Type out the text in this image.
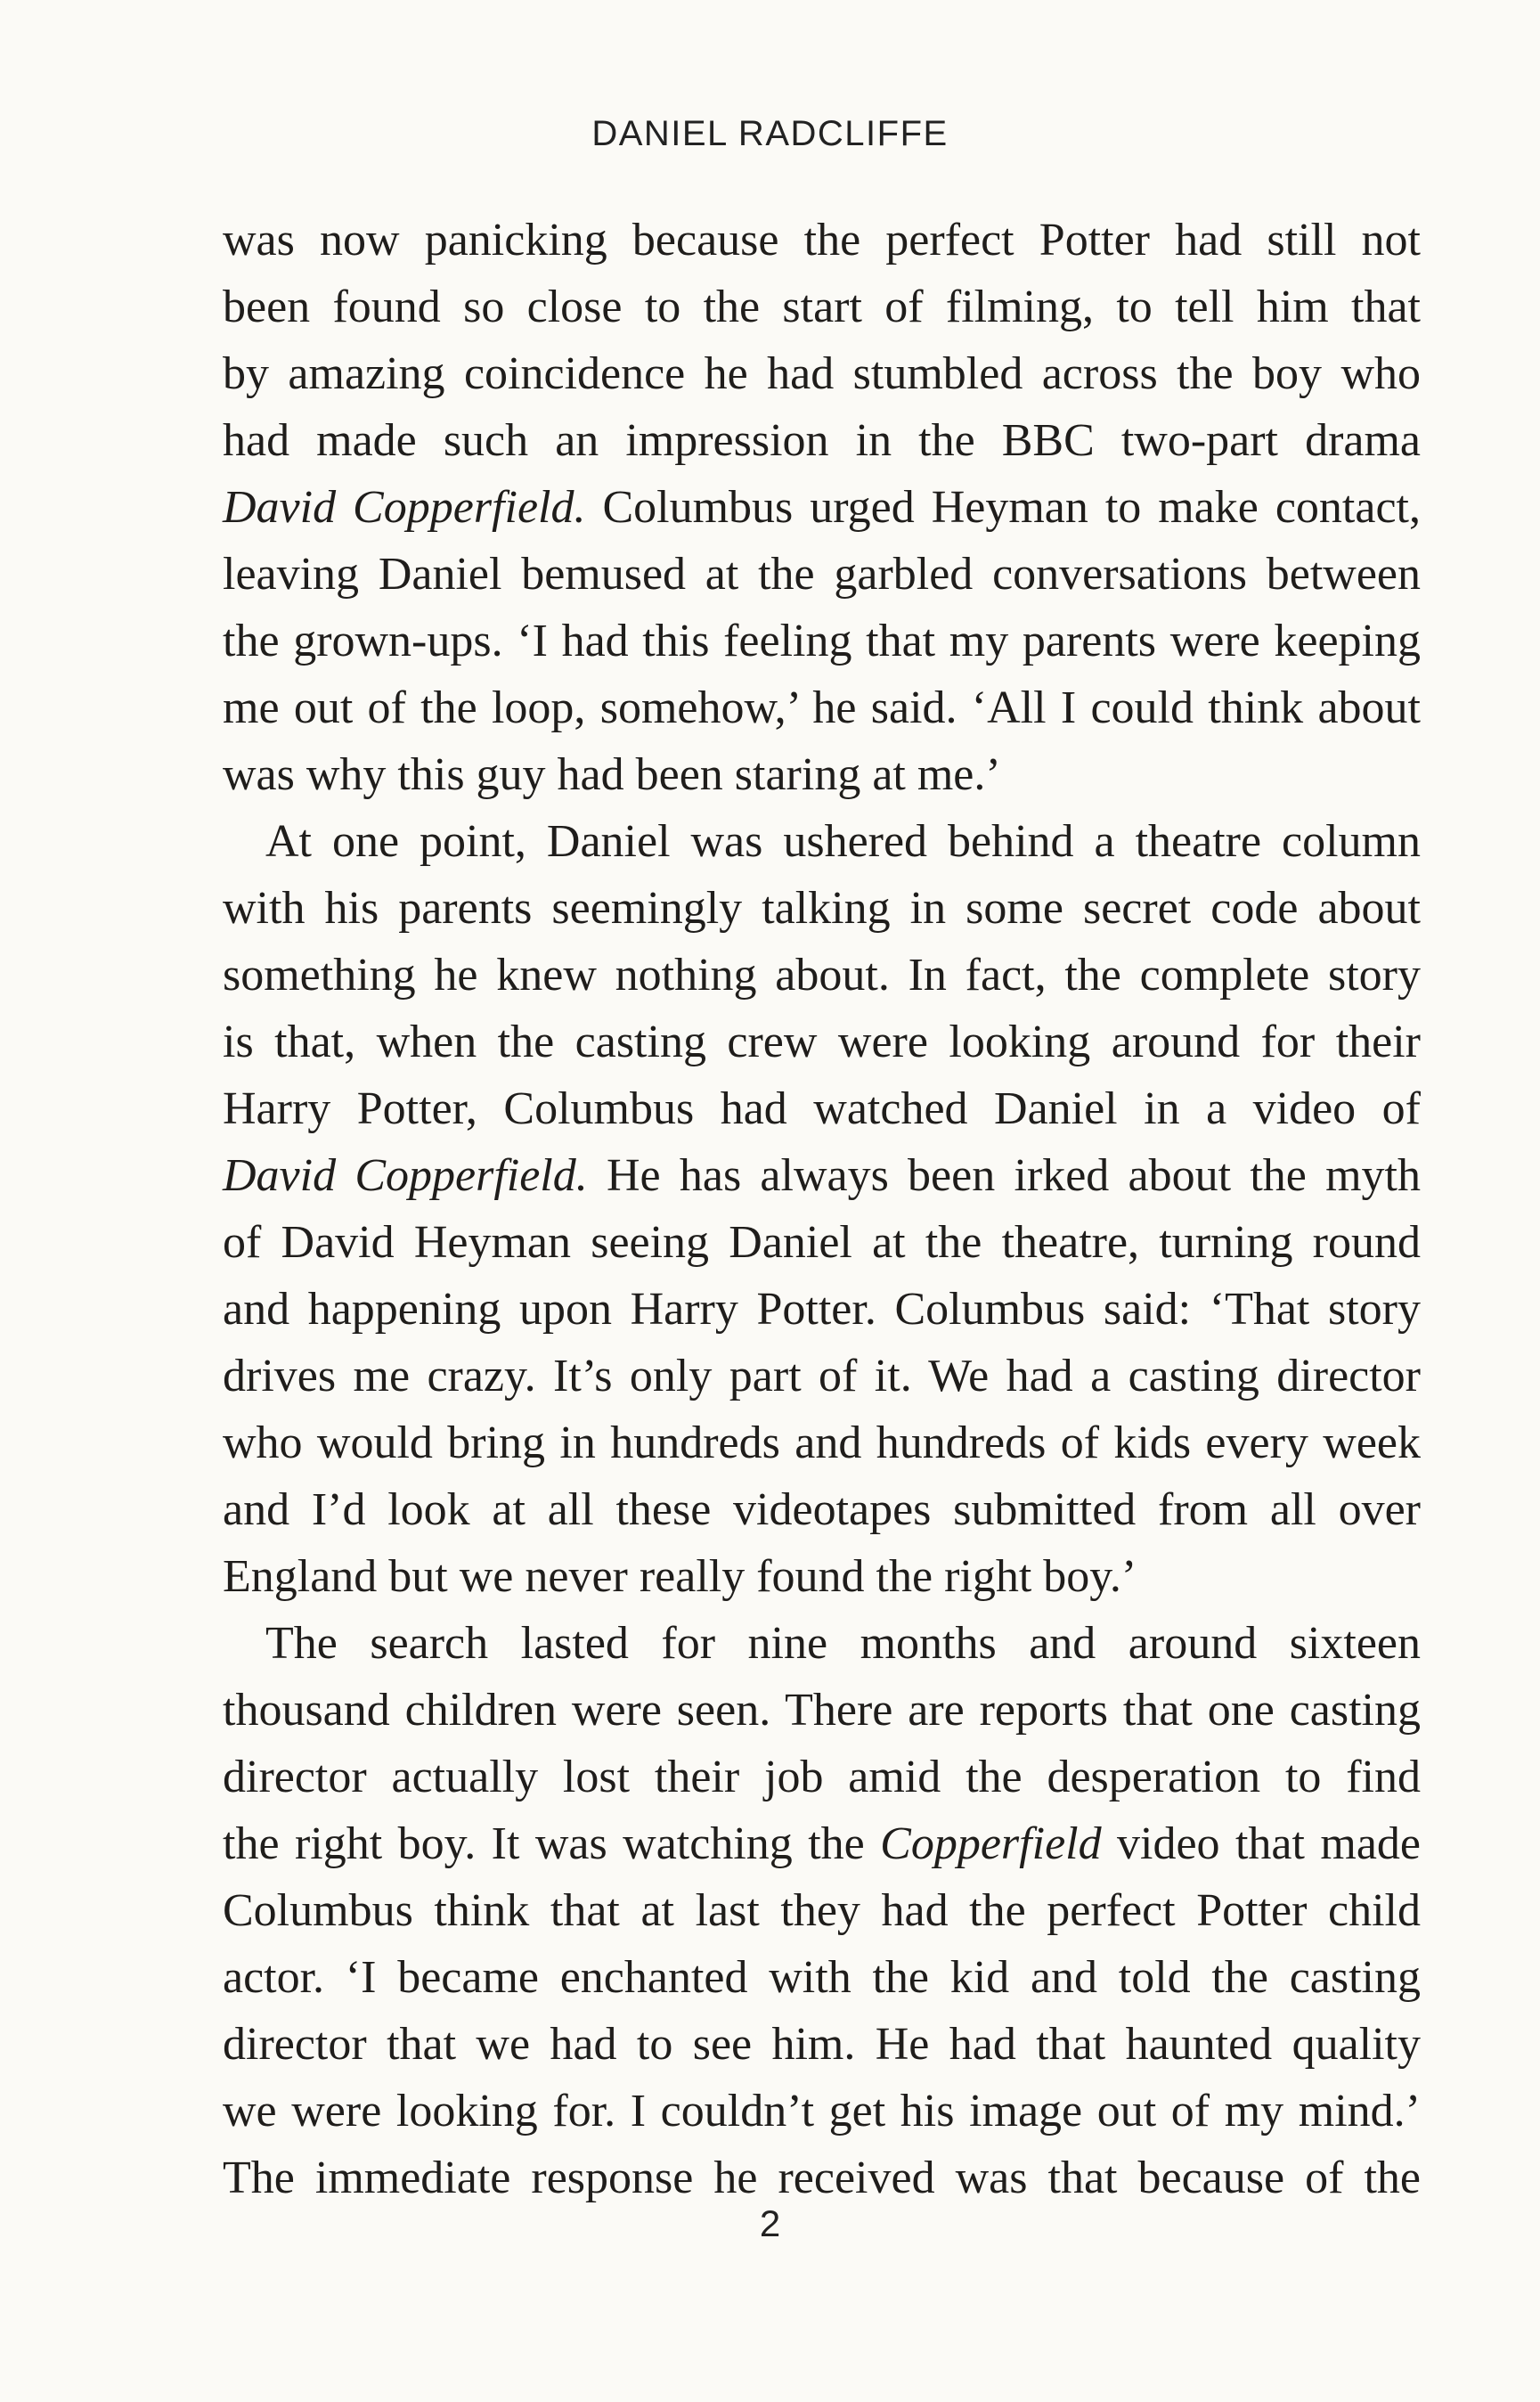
DANIEL RADCLIFFE
was now panicking because the perfect Potter had still not
been found so close to the start of filming, to tell him that
by amazing coincidence he had stumbled across the boy who
had made such an impression in the BBC two-part drama
David Copperfield. Columbus urged Heyman to make contact,
leaving Daniel bemused at the garbled conversations between
the grown-ups. ‘I had this feeling that my parents were keeping
me out of the loop, somehow,’ he said. ‘All I could think about
was why this guy had been staring at me.’
At one point, Daniel was ushered behind a theatre column
with his parents seemingly talking in some secret code about
something he knew nothing about. In fact, the complete story
is that, when the casting crew were looking around for their
Harry Potter, Columbus had watched Daniel in a video of
David Copperfield. He has always been irked about the myth
of David Heyman seeing Daniel at the theatre, turning round
and happening upon Harry Potter. Columbus said: ‘That story
drives me crazy. It’s only part of it. We had a casting director
who would bring in hundreds and hundreds of kids every week
and I’d look at all these videotapes submitted from all over
England but we never really found the right boy.’
The search lasted for nine months and around sixteen
thousand children were seen. There are reports that one casting
director actually lost their job amid the desperation to find
the right boy. It was watching the Copperfield video that made
Columbus think that at last they had the perfect Potter child
actor. ‘I became enchanted with the kid and told the casting
director that we had to see him. He had that haunted quality
we were looking for. I couldn’t get his image out of my mind.’
The immediate response he received was that because of the
2
